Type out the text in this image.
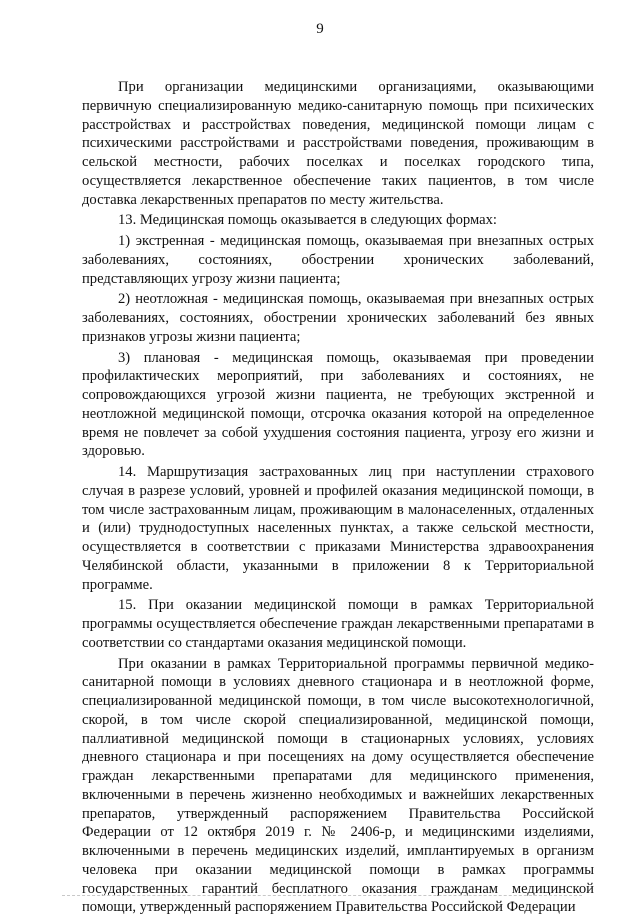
9

При организации медицинскими организациями, оказывающими первичную специализированную медико-санитарную помощь при психических расстройствах и расстройствах поведения, медицинской помощи лицам с психическими расстройствами и расстройствами поведения, проживающим в сельской местности, рабочих поселках и поселках городского типа, осуществляется лекарственное обеспечение таких пациентов, в том числе доставка лекарственных препаратов по месту жительства.

13. Медицинская помощь оказывается в следующих формах:

1) экстренная - медицинская помощь, оказываемая при внезапных острых заболеваниях, состояниях, обострении хронических заболеваний, представляющих угрозу жизни пациента;

2) неотложная - медицинская помощь, оказываемая при внезапных острых заболеваниях, состояниях, обострении хронических заболеваний без явных признаков угрозы жизни пациента;

3) плановая - медицинская помощь, оказываемая при проведении профилактических мероприятий, при заболеваниях и состояниях, не сопровождающихся угрозой жизни пациента, не требующих экстренной и неотложной медицинской помощи, отсрочка оказания которой на определенное время не повлечет за собой ухудшения состояния пациента, угрозу его жизни и здоровью.

14. Маршрутизация застрахованных лиц при наступлении страхового случая в разрезе условий, уровней и профилей оказания медицинской помощи, в том числе застрахованным лицам, проживающим в малонаселенных, отдаленных и (или) труднодоступных населенных пунктах, а также сельской местности, осуществляется в соответствии с приказами Министерства здравоохранения Челябинской области, указанными в приложении 8 к Территориальной программе.

15. При оказании медицинской помощи в рамках Территориальной программы осуществляется обеспечение граждан лекарственными препаратами в соответствии со стандартами оказания медицинской помощи.

При оказании в рамках Территориальной программы первичной медико-санитарной помощи в условиях дневного стационара и в неотложной форме, специализированной медицинской помощи, в том числе высокотехнологичной, скорой, в том числе скорой специализированной, медицинской помощи, паллиативной медицинской помощи в стационарных условиях, условиях дневного стационара и при посещениях на дому осуществляется обеспечение граждан лекарственными препаратами для медицинского применения, включенными в перечень жизненно необходимых и важнейших лекарственных препаратов, утвержденный распоряжением Правительства Российской Федерации от 12 октября 2019 г. № 2406-р, и медицинскими изделиями, включенными в перечень медицинских изделий, имплантируемых в организм человека при оказании медицинской помощи в рамках программы государственных гарантий бесплатного оказания гражданам медицинской помощи, утвержденный распоряжением Правительства Российской Федерации
